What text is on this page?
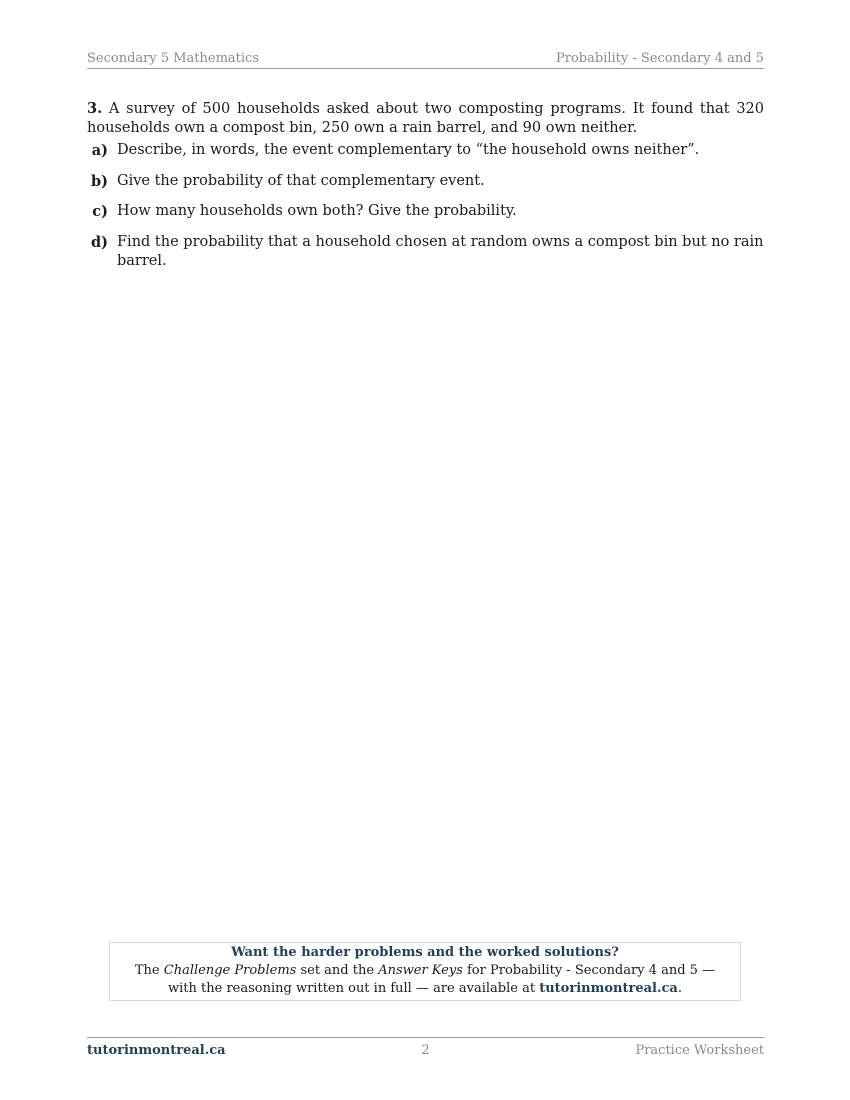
Secondary 5 Mathematics	Probability - Secondary 4 and 5

3. A survey of 500 households asked about two composting programs. It found that 320 households own a compost bin, 250 own a rain barrel, and 90 own neither.

a) Describe, in words, the event complementary to “the household owns neither”.
b) Give the probability of that complementary event.
c) How many households own both? Give the probability.
d) Find the probability that a household chosen at random owns a compost bin but no rain barrel.
Want the harder problems and the worked solutions?
The Challenge Problems set and the Answer Keys for Probability - Secondary 4 and 5 — with the reasoning written out in full — are available at tutorinmontreal.ca.
tutorinmontreal.ca	2	Practice Worksheet
